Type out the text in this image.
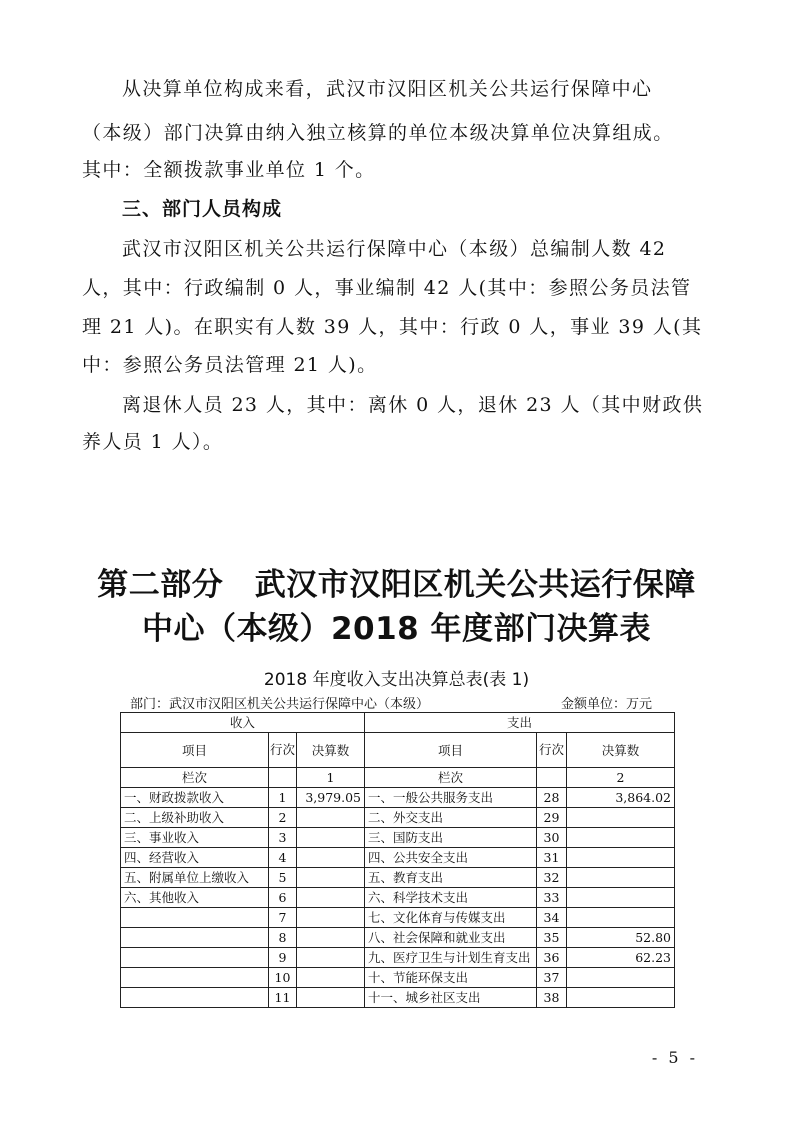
从决算单位构成来看，武汉市汉阳区机关公共运行保障中心
（本级）部门决算由纳入独立核算的单位本级决算单位决算组成。
其中：全额拨款事业单位 1 个。
三、部门人员构成
武汉市汉阳区机关公共运行保障中心（本级）总编制人数 42
人，其中：行政编制 0 人，事业编制 42 人(其中：参照公务员法管
理 21 人)。在职实有人数 39 人，其中：行政 0 人，事业 39 人(其
中：参照公务员法管理 21 人)。
离退休人员 23 人，其中：离休 0 人，退休 23 人（其中财政供
养人员 1 人）。
第二部分　武汉市汉阳区机关公共运行保障
中心（本级）2018 年度部门决算表
2018 年度收入支出决算总表(表 1)
部门：武汉市汉阳区机关公共运行保障中心（本级）	金额单位：万元
收入			支出		
项目	行次	决算数	项目	行次	决算数
栏次		1	栏次		2
一、财政拨款收入	1	3,979.05	一、一般公共服务支出	28	3,864.02
二、上级补助收入	2		二、外交支出	29	
三、事业收入	3		三、国防支出	30	
四、经营收入	4		四、公共安全支出	31	
五、附属单位上缴收入	5		五、教育支出	32	
六、其他收入	6		六、科学技术支出	33	
	7		七、文化体育与传媒支出	34	
	8		八、社会保障和就业支出	35	52.80
	9		九、医疗卫生与计划生育支出	36	62.23
	10		十、节能环保支出	37	
	11		十一、城乡社区支出	38	
- 5 -
